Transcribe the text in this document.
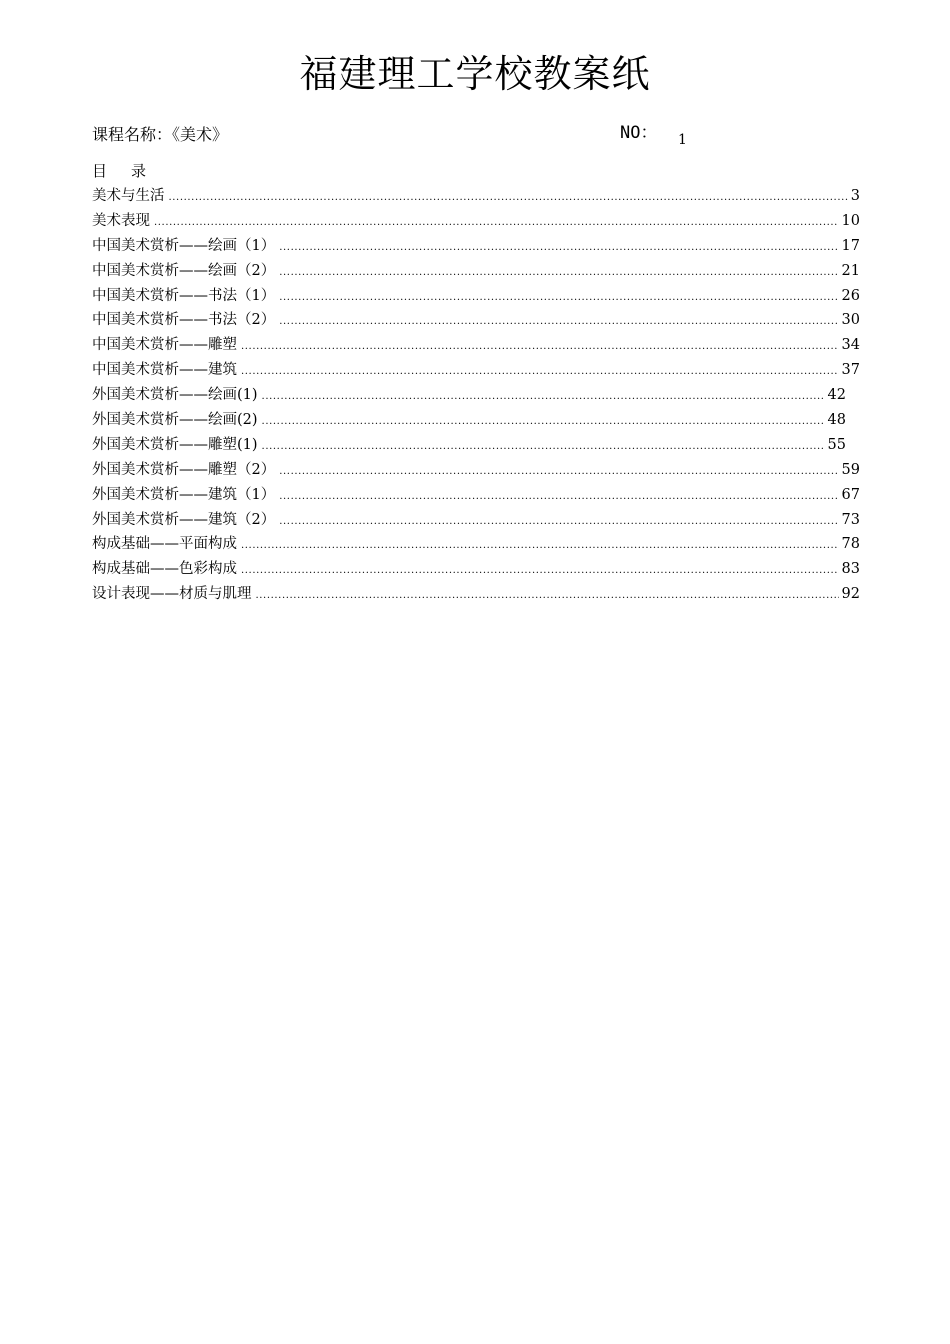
福建理工学校教案纸
课程名称：《美术》	NO： 1
目录
美术与生活 .....	3
美术表现 .....	10
中国美术赏析——绘画（1） .....	17
中国美术赏析——绘画（2） .....	21
中国美术赏析——书法（1） .....	26
中国美术赏析——书法（2） .....	30
中国美术赏析——雕塑 .....	34
中国美术赏析——建筑 .....	37
外国美术赏析——绘画(1) .....	42
外国美术赏析——绘画(2) .....	48
外国美术赏析——雕塑(1) .....	55
外国美术赏析——雕塑（2） .....	59
外国美术赏析——建筑（1） .....	67
外国美术赏析——建筑（2） .....	73
构成基础——平面构成 .....	78
构成基础——色彩构成 .....	83
设计表现——材质与肌理 .....	92
